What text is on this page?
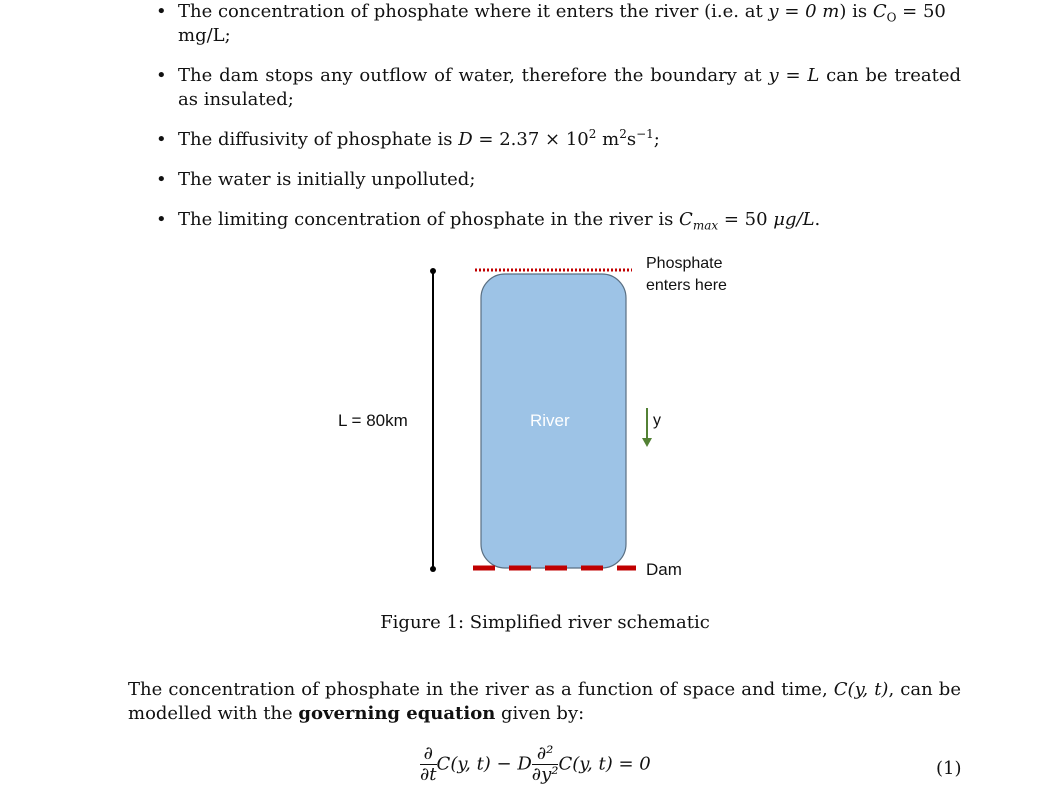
• The concentration of phosphate where it enters the river (i.e. at y = 0 m) is $C_O = 50$ mg/L;
• The dam stops any outflow of water, therefore the boundary at y = L can be treated as insulated;
• The diffusivity of phosphate is $D = 2.37 \times 10^2$ $m^2s^{-1}$;
• The water is initially unpolluted;
• The limiting concentration of phosphate in the river is $C_{max} = 50$ μg/L.
L = 80km	River
Phosphate
enters here
y
Dam
Figure 1: Simplified river schematic
The concentration of phosphate in the river as a function of space and time, C(y, t), can be modelled with the governing equation given by:
$\frac{\partial}{\partial t} C(y$, t) − D $\frac{\text{∂²}}{\text{∂y²}} C(y$, t) = 0	(1)
